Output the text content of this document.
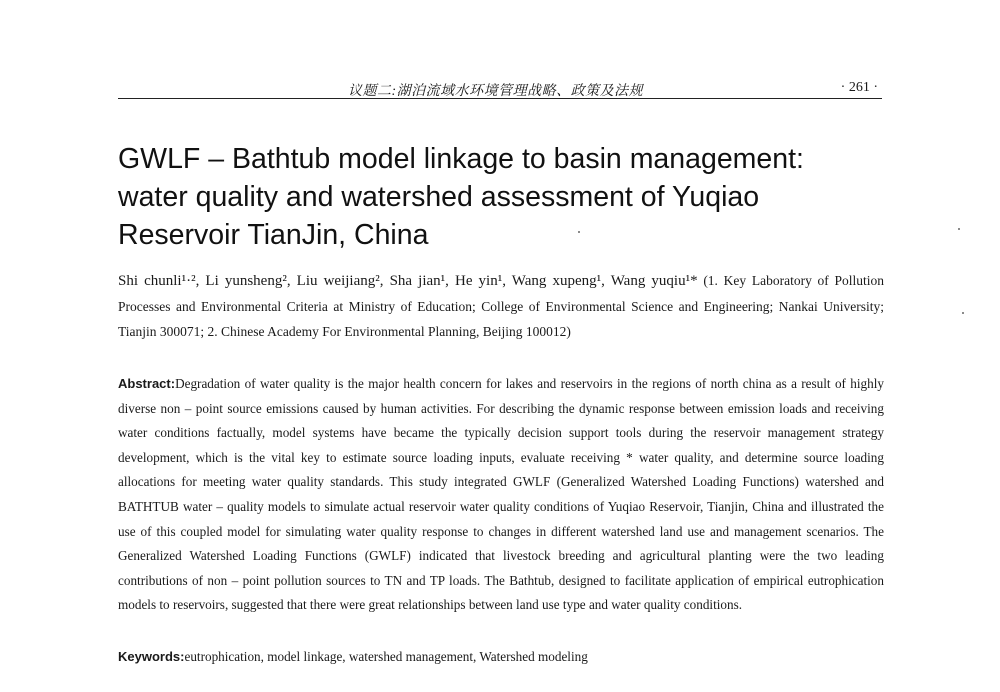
议题二:湖泊流域水环境管理战略、政策及法规	· 261 ·
GWLF – Bathtub model linkage to basin management:
water quality and watershed assessment of Yuqiao
Reservoir TianJin, China
Shi chunli¹·², Li yunsheng², Liu weijiang², Sha jian¹, He yin¹, Wang xupeng¹, Wang yuqiu¹* (1. Key Laboratory of Pollution Processes and Environmental Criteria at Ministry of Education; College of Environmental Science and Engineering; Nankai University; Tianjin 300071; 2. Chinese Academy For Environmental Planning, Beijing 100012)

Abstract:Degradation of water quality is the major health concern for lakes and reservoirs in the regions of north china as a result of highly diverse non – point source emissions caused by human activities. For describing the dynamic response between emission loads and receiving water conditions factually, model systems have became the typically decision support tools during the reservoir management strategy development, which is the vital key to estimate source loading inputs, evaluate receiving * water quality, and determine source loading allocations for meeting water quality standards. This study integrated GWLF (Generalized Watershed Loading Functions) watershed and BATHTUB water – quality models to simulate actual reservoir water quality conditions of Yuqiao Reservoir, Tianjin, China and illustrated the use of this coupled model for simulating water quality response to changes in different watershed land use and management scenarios. The Generalized Watershed Loading Functions (GWLF) indicated that livestock breeding and agricultural planting were the two leading contributions of non – point pollution sources to TN and TP loads. The Bathtub, designed to facilitate application of empirical eutrophication models to reservoirs, suggested that there were great relationships between land use type and water quality conditions.

Keywords:eutrophication, model linkage, watershed management, Watershed modeling
